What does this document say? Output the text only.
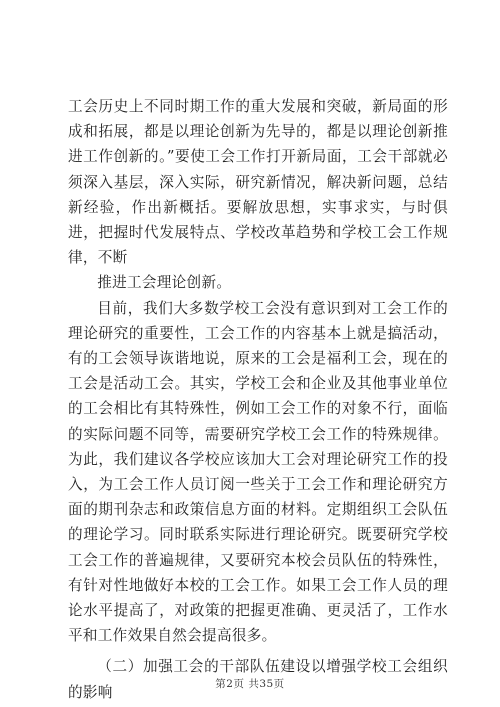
工会历史上不同时期工作的重大发展和突破，新局面的形成和拓展，都是以理论创新为先导的，都是以理论创新推进工作创新的。”要使工会工作打开新局面，工会干部就必须深入基层，深入实际，研究新情况，解决新问题，总结新经验，作出新概括。要解放思想，实事求实，与时俱进，把握时代发展特点、学校改革趋势和学校工会工作规律，不断

推进工会理论创新。

目前，我们大多数学校工会没有意识到对工会工作的理论研究的重要性，工会工作的内容基本上就是搞活动，有的工会领导诙谐地说，原来的工会是福利工会，现在的工会是活动工会。其实，学校工会和企业及其他事业单位的工会相比有其特殊性，例如工会工作的对象不行，面临的实际问题不同等，需要研究学校工会工作的特殊规律。为此，我们建议各学校应该加大工会对理论研究工作的投入，为工会工作人员订阅一些关于工会工作和理论研究方面的期刊杂志和政策信息方面的材料。定期组织工会队伍的理论学习。同时联系实际进行理论研究。既要研究学校工会工作的普遍规律，又要研究本校会员队伍的特殊性，有针对性地做好本校的工会工作。如果工会工作人员的理论水平提高了，对政策的把握更准确、更灵活了，工作水平和工作效果自然会提高很多。

（二）加强工会的干部队伍建设以增强学校工会组织的影响	第2页 共35页
